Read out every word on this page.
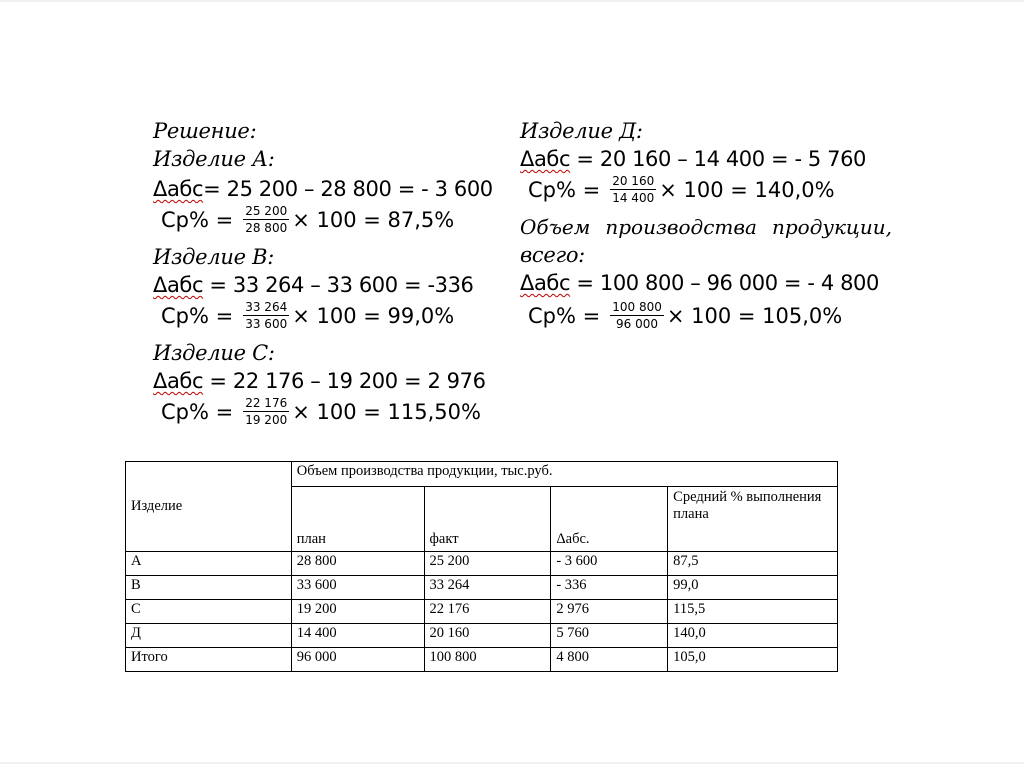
Решение:
Изделие А:
Δабс= 25 200 – 28 800 = - 3 600
$Ср\% = \frac{25 200}{28 800} \times 100 = 87,5\%$
Изделие В:
Δабс = 33 264 – 33 600 = -336
$Ср\% = \frac{33 264}{33 600} \times 100 = 99,0\%$
Изделие С:
Δабс = 22 176 – 19 200 = 2 976
$Ср\% = \frac{22 176}{19 200} \times 100 = 115,50\%$
Изделие Д:
Δабс = 20 160 – 14 400 = - 5 760
$Ср\% = \frac{20 160}{14 400} \times 100 = 140,0\%$
Объем производства продукции,
всего:
Δабс = 100 800 – 96 000 = - 4 800
$Ср\% = \frac{100 800}{96 000} \times 100 = 105,0\%$
Изделие	Объем производства продукции, тыс.руб.			
	план	факт	Δабс.	Средний % выполнения плана
А	28 800	25 200	- 3 600	87,5
В	33 600	33 264	- 336	99,0
С	19 200	22 176	2 976	115,5
Д	14 400	20 160	5 760	140,0
Итого	96 000	100 800	4 800	105,0
